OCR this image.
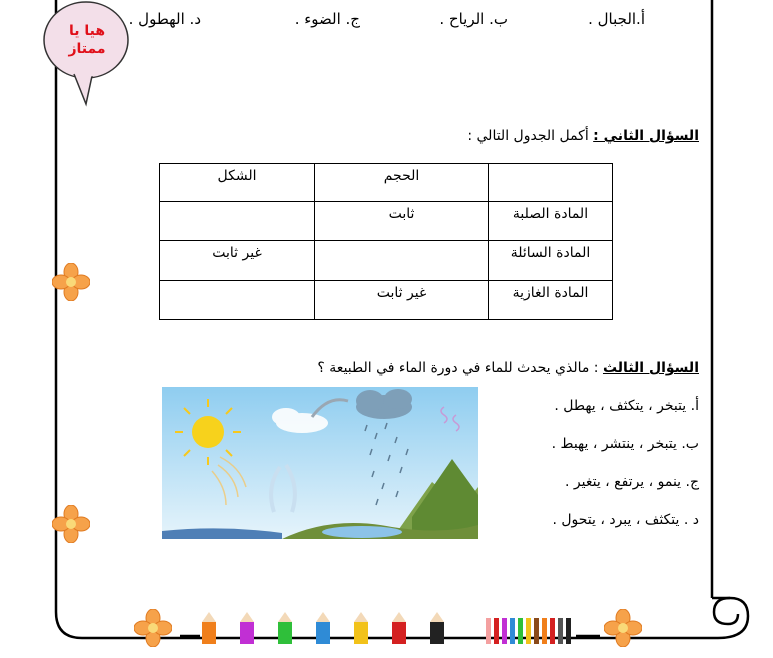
هيا يا
ممتاز
أ.الجبال .
ب. الرياح .
ج. الضوء .
د. الهطول .
السؤال الثاني : أكمل الجدول التالي :
	الحجم	الشكل
المادة الصلبة	ثابت	
المادة السائلة		غير ثابت
المادة الغازية	غير ثابت	
السؤال الثالث : مالذي يحدث للماء في دورة الماء في الطبيعة ؟
أ. يتبخر ، يتكثف ، يهطل .
ب. يتبخر ، ينتشر ، يهبط .
ج. ينمو ، يرتفع ، يتغير .
د . يتكثف ، يبرد ، يتحول .
